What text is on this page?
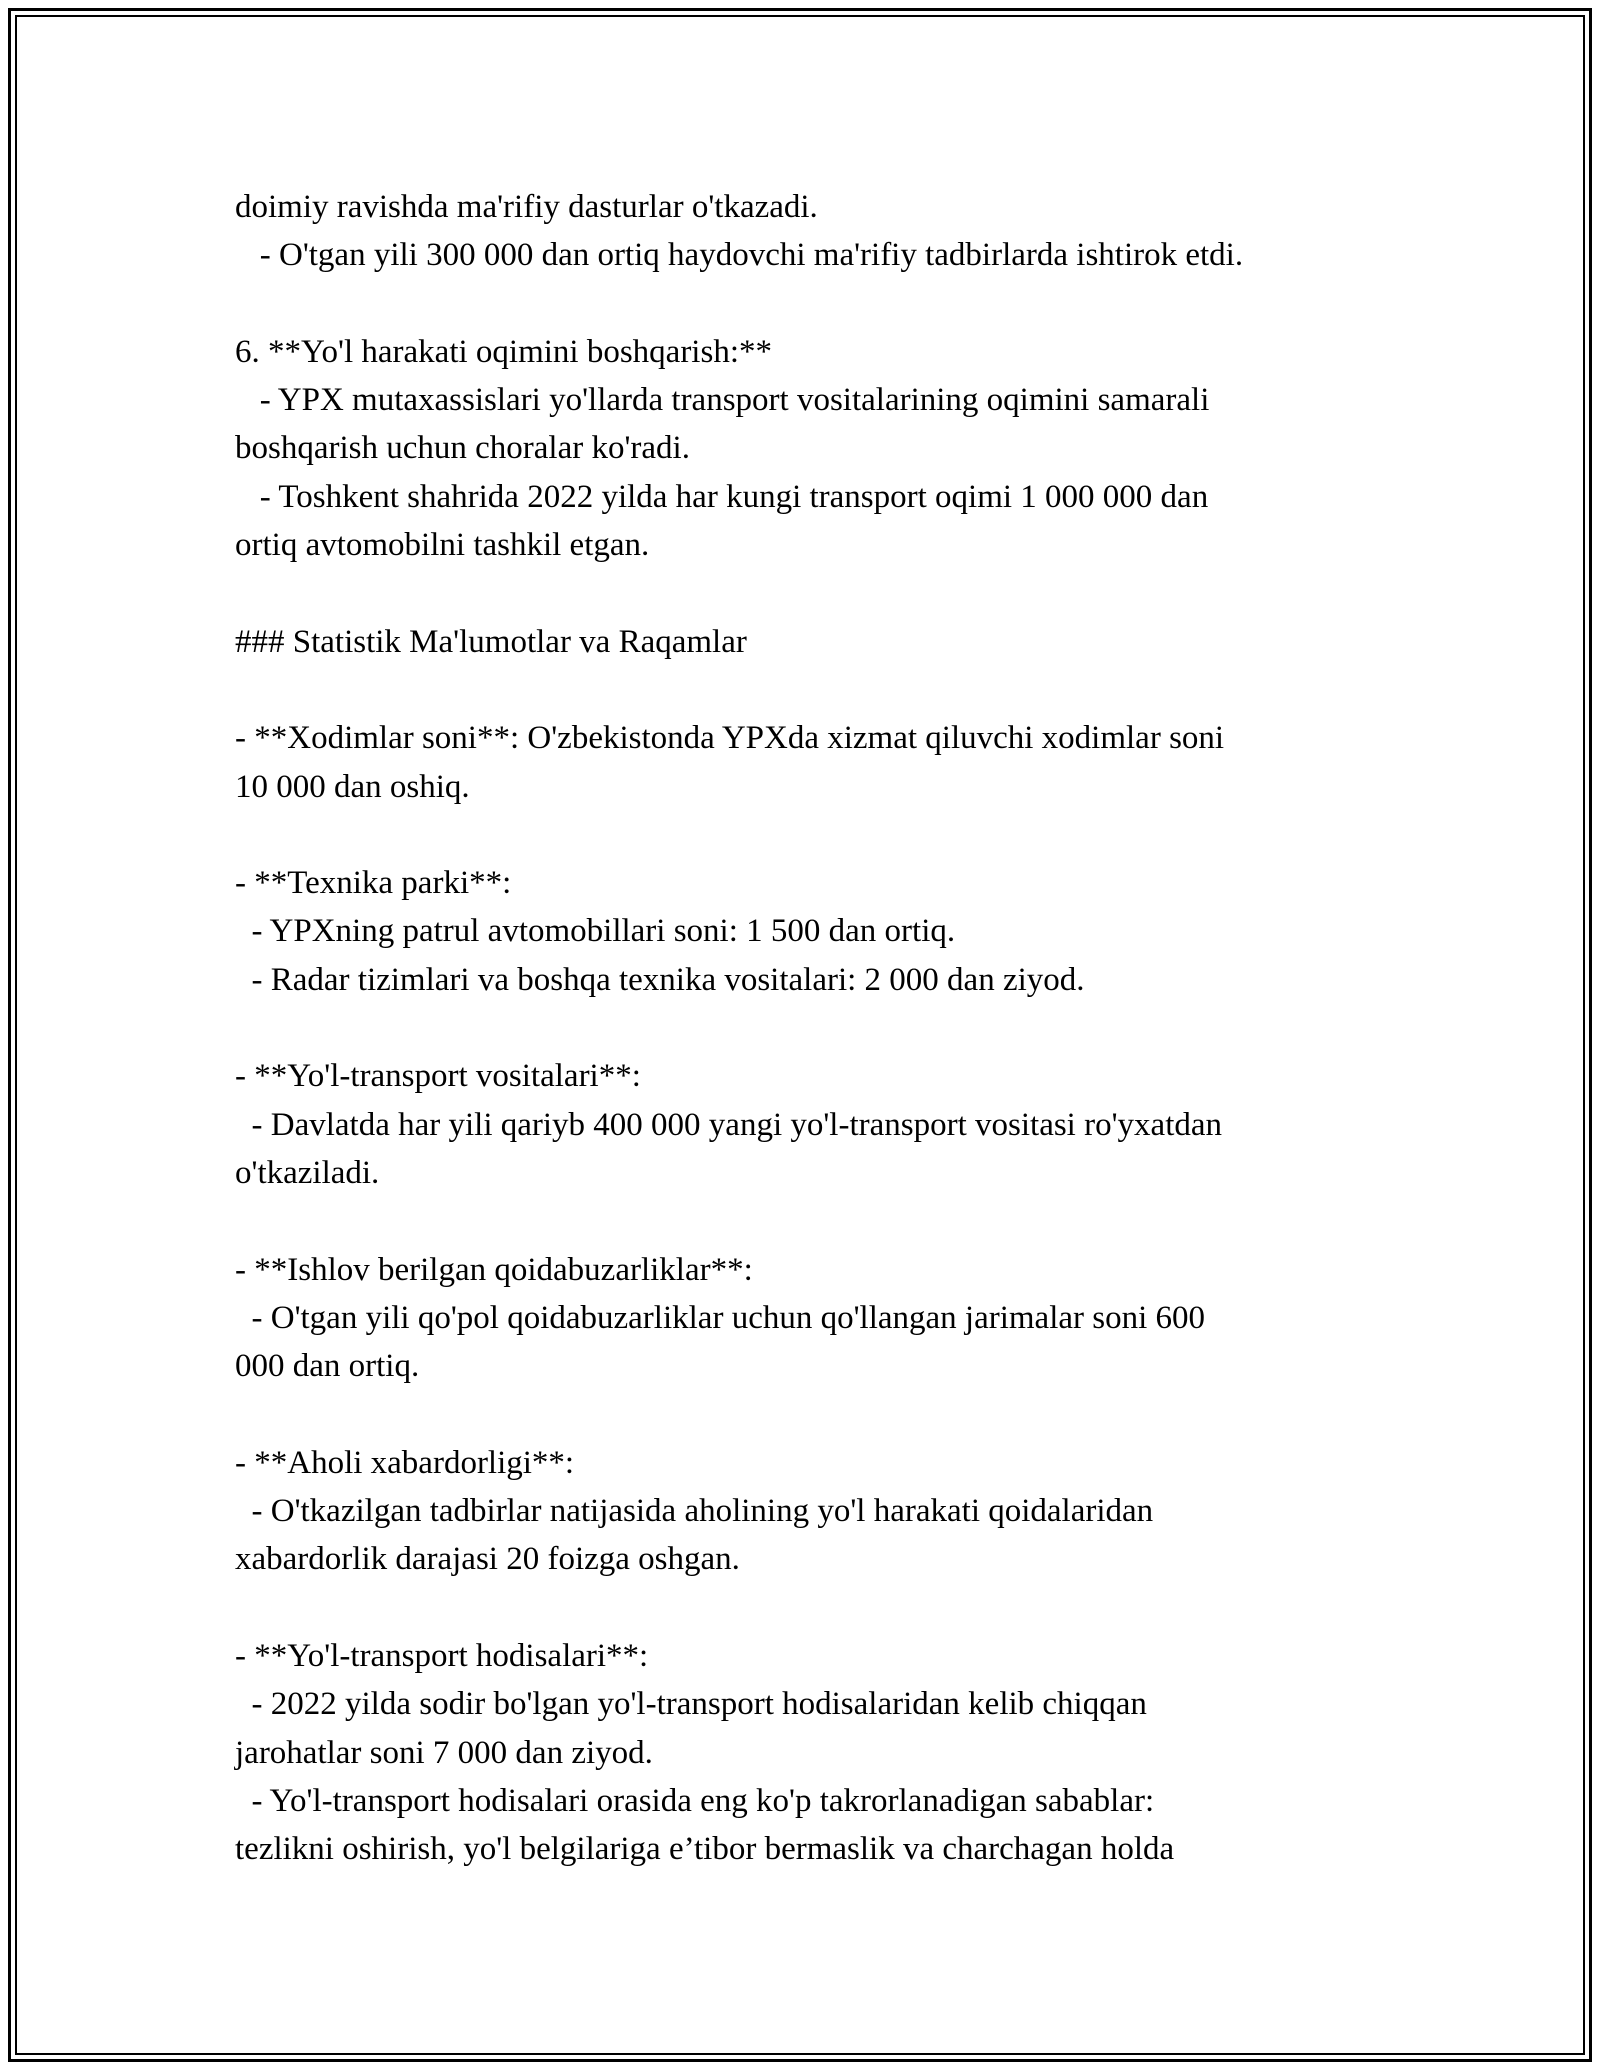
doimiy ravishda ma'rifiy dasturlar o'tkazadi.

- O'tgan yili 300 000 dan ortiq haydovchi ma'rifiy tadbirlarda ishtirok etdi.

6. **Yo'l harakati oqimini boshqarish:**

- YPX mutaxassislari yo'llarda transport vositalarining oqimini samarali

boshqarish uchun choralar ko'radi.

- Toshkent shahrida 2022 yilda har kungi transport oqimi 1 000 000 dan

ortiq avtomobilni tashkil etgan.

### Statistik Ma'lumotlar va Raqamlar

- **Xodimlar soni**: O'zbekistonda YPXda xizmat qiluvchi xodimlar soni

10 000 dan oshiq.

- **Texnika parki**:

- YPXning patrul avtomobillari soni: 1 500 dan ortiq.

- Radar tizimlari va boshqa texnika vositalari: 2 000 dan ziyod.

- **Yo'l-transport vositalari**:

- Davlatda har yili qariyb 400 000 yangi yo'l-transport vositasi ro'yxatdan

o'tkaziladi.

- **Ishlov berilgan qoidabuzarliklar**:

- O'tgan yili qo'pol qoidabuzarliklar uchun qo'llangan jarimalar soni 600

000 dan ortiq.

- **Aholi xabardorligi**:

- O'tkazilgan tadbirlar natijasida aholining yo'l harakati qoidalaridan

xabardorlik darajasi 20 foizga oshgan.

- **Yo'l-transport hodisalari**:

- 2022 yilda sodir bo'lgan yo'l-transport hodisalaridan kelib chiqqan

jarohatlar soni 7 000 dan ziyod.

- Yo'l-transport hodisalari orasida eng ko'p takrorlanadigan sabablar:

tezlikni oshirish, yo'l belgilariga e’tibor bermaslik va charchagan holda
